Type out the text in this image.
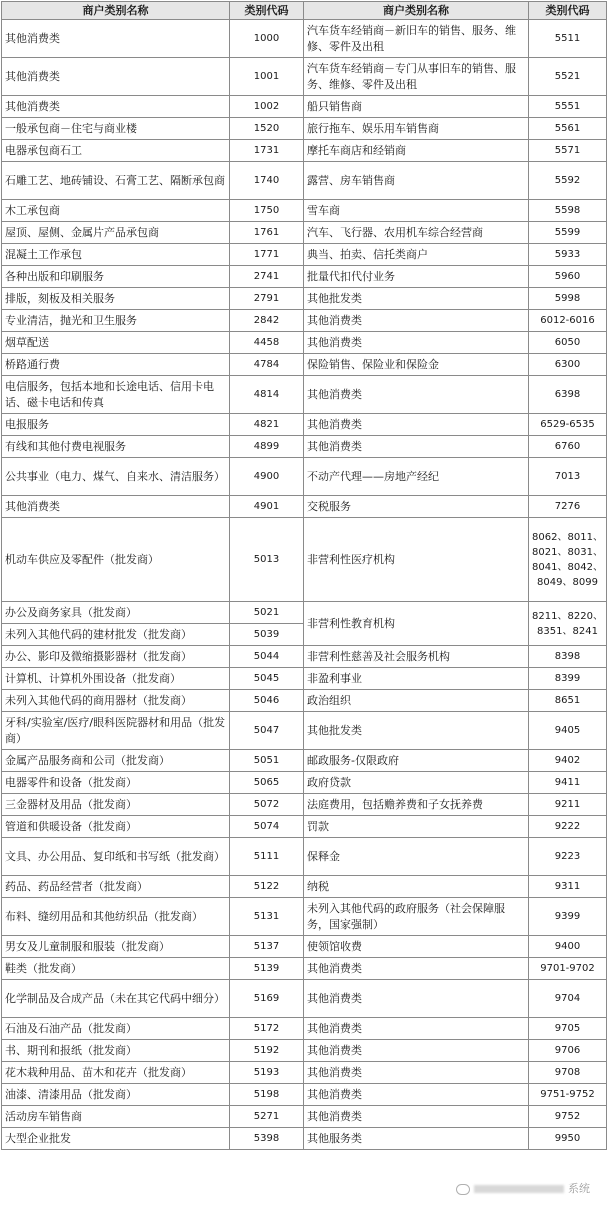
商户类别名称	类别代码	商户类别名称	类别代码
其他消费类	1000	汽车货车经销商－新旧车的销售、服务、维修、零件及出租	5511
其他消费类	1001	汽车货车经销商－专门从事旧车的销售、服务、维修、零件及出租	5521
其他消费类	1002	船只销售商	5551
一般承包商－住宅与商业楼	1520	旅行拖车、娱乐用车销售商	5561
电器承包商石工	1731	摩托车商店和经销商	5571
石雕工艺、地砖铺设、石膏工艺、隔断承包商	1740	露营、房车销售商	5592
木工承包商	1750	雪车商	5598
屋顶、屋侧、金属片产品承包商	1761	汽车、飞行器、农用机车综合经营商	5599
混凝土工作承包	1771	典当、拍卖、信托类商户	5933
各种出版和印刷服务	2741	批量代扣代付业务	5960
排版，刻板及相关服务	2791	其他批发类	5998
专业清洁，抛光和卫生服务	2842	其他消费类	6012-6016
烟草配送	4458	其他消费类	6050
桥路通行费	4784	保险销售、保险业和保险金	6300
电信服务，包括本地和长途电话、信用卡电话、磁卡电话和传真	4814	其他消费类	6398
电报服务	4821	其他消费类	6529-6535
有线和其他付费电视服务	4899	其他消费类	6760
公共事业（电力、煤气、自来水、清洁服务）	4900	不动产代理——房地产经纪	7013
其他消费类	4901	交税服务	7276
机动车供应及零配件（批发商）	5013	非营利性医疗机构	8062、8011、8021、8031、8041、8042、8049、8099
办公及商务家具（批发商）	5021	非营利性教育机构	8211、8220、8351、8241
未列入其他代码的建材批发（批发商）	5039		
办公、影印及微缩摄影器材（批发商）	5044	非营利性慈善及社会服务机构	8398
计算机、计算机外围设备（批发商）	5045	非盈利事业	8399
未列入其他代码的商用器材（批发商）	5046	政治组织	8651
牙科/实验室/医疗/眼科医院器材和用品（批发商）	5047	其他批发类	9405
金属产品服务商和公司（批发商）	5051	邮政服务-仅限政府	9402
电器零件和设备（批发商）	5065	政府贷款	9411
三金器材及用品（批发商）	5072	法庭费用，包括赡养费和子女抚养费	9211
管道和供暖设备（批发商）	5074	罚款	9222
文具、办公用品、复印纸和书写纸（批发商）	5111	保释金	9223
药品、药品经营者（批发商）	5122	纳税	9311
布料、缝纫用品和其他纺织品（批发商）	5131	未列入其他代码的政府服务（社会保障服务，国家强制）	9399
男女及儿童制服和服装（批发商）	5137	使领馆收费	9400
鞋类（批发商）	5139	其他消费类	9701-9702
化学制品及合成产品（未在其它代码中细分）	5169	其他消费类	9704
石油及石油产品（批发商）	5172	其他消费类	9705
书、期刊和报纸（批发商）	5192	其他消费类	9706
花木栽种用品、苗木和花卉（批发商）	5193	其他消费类	9708
油漆、清漆用品（批发商）	5198	其他消费类	9751-9752
活动房车销售商	5271	其他消费类	9752
大型企业批发	5398	其他服务类	9950
系统
